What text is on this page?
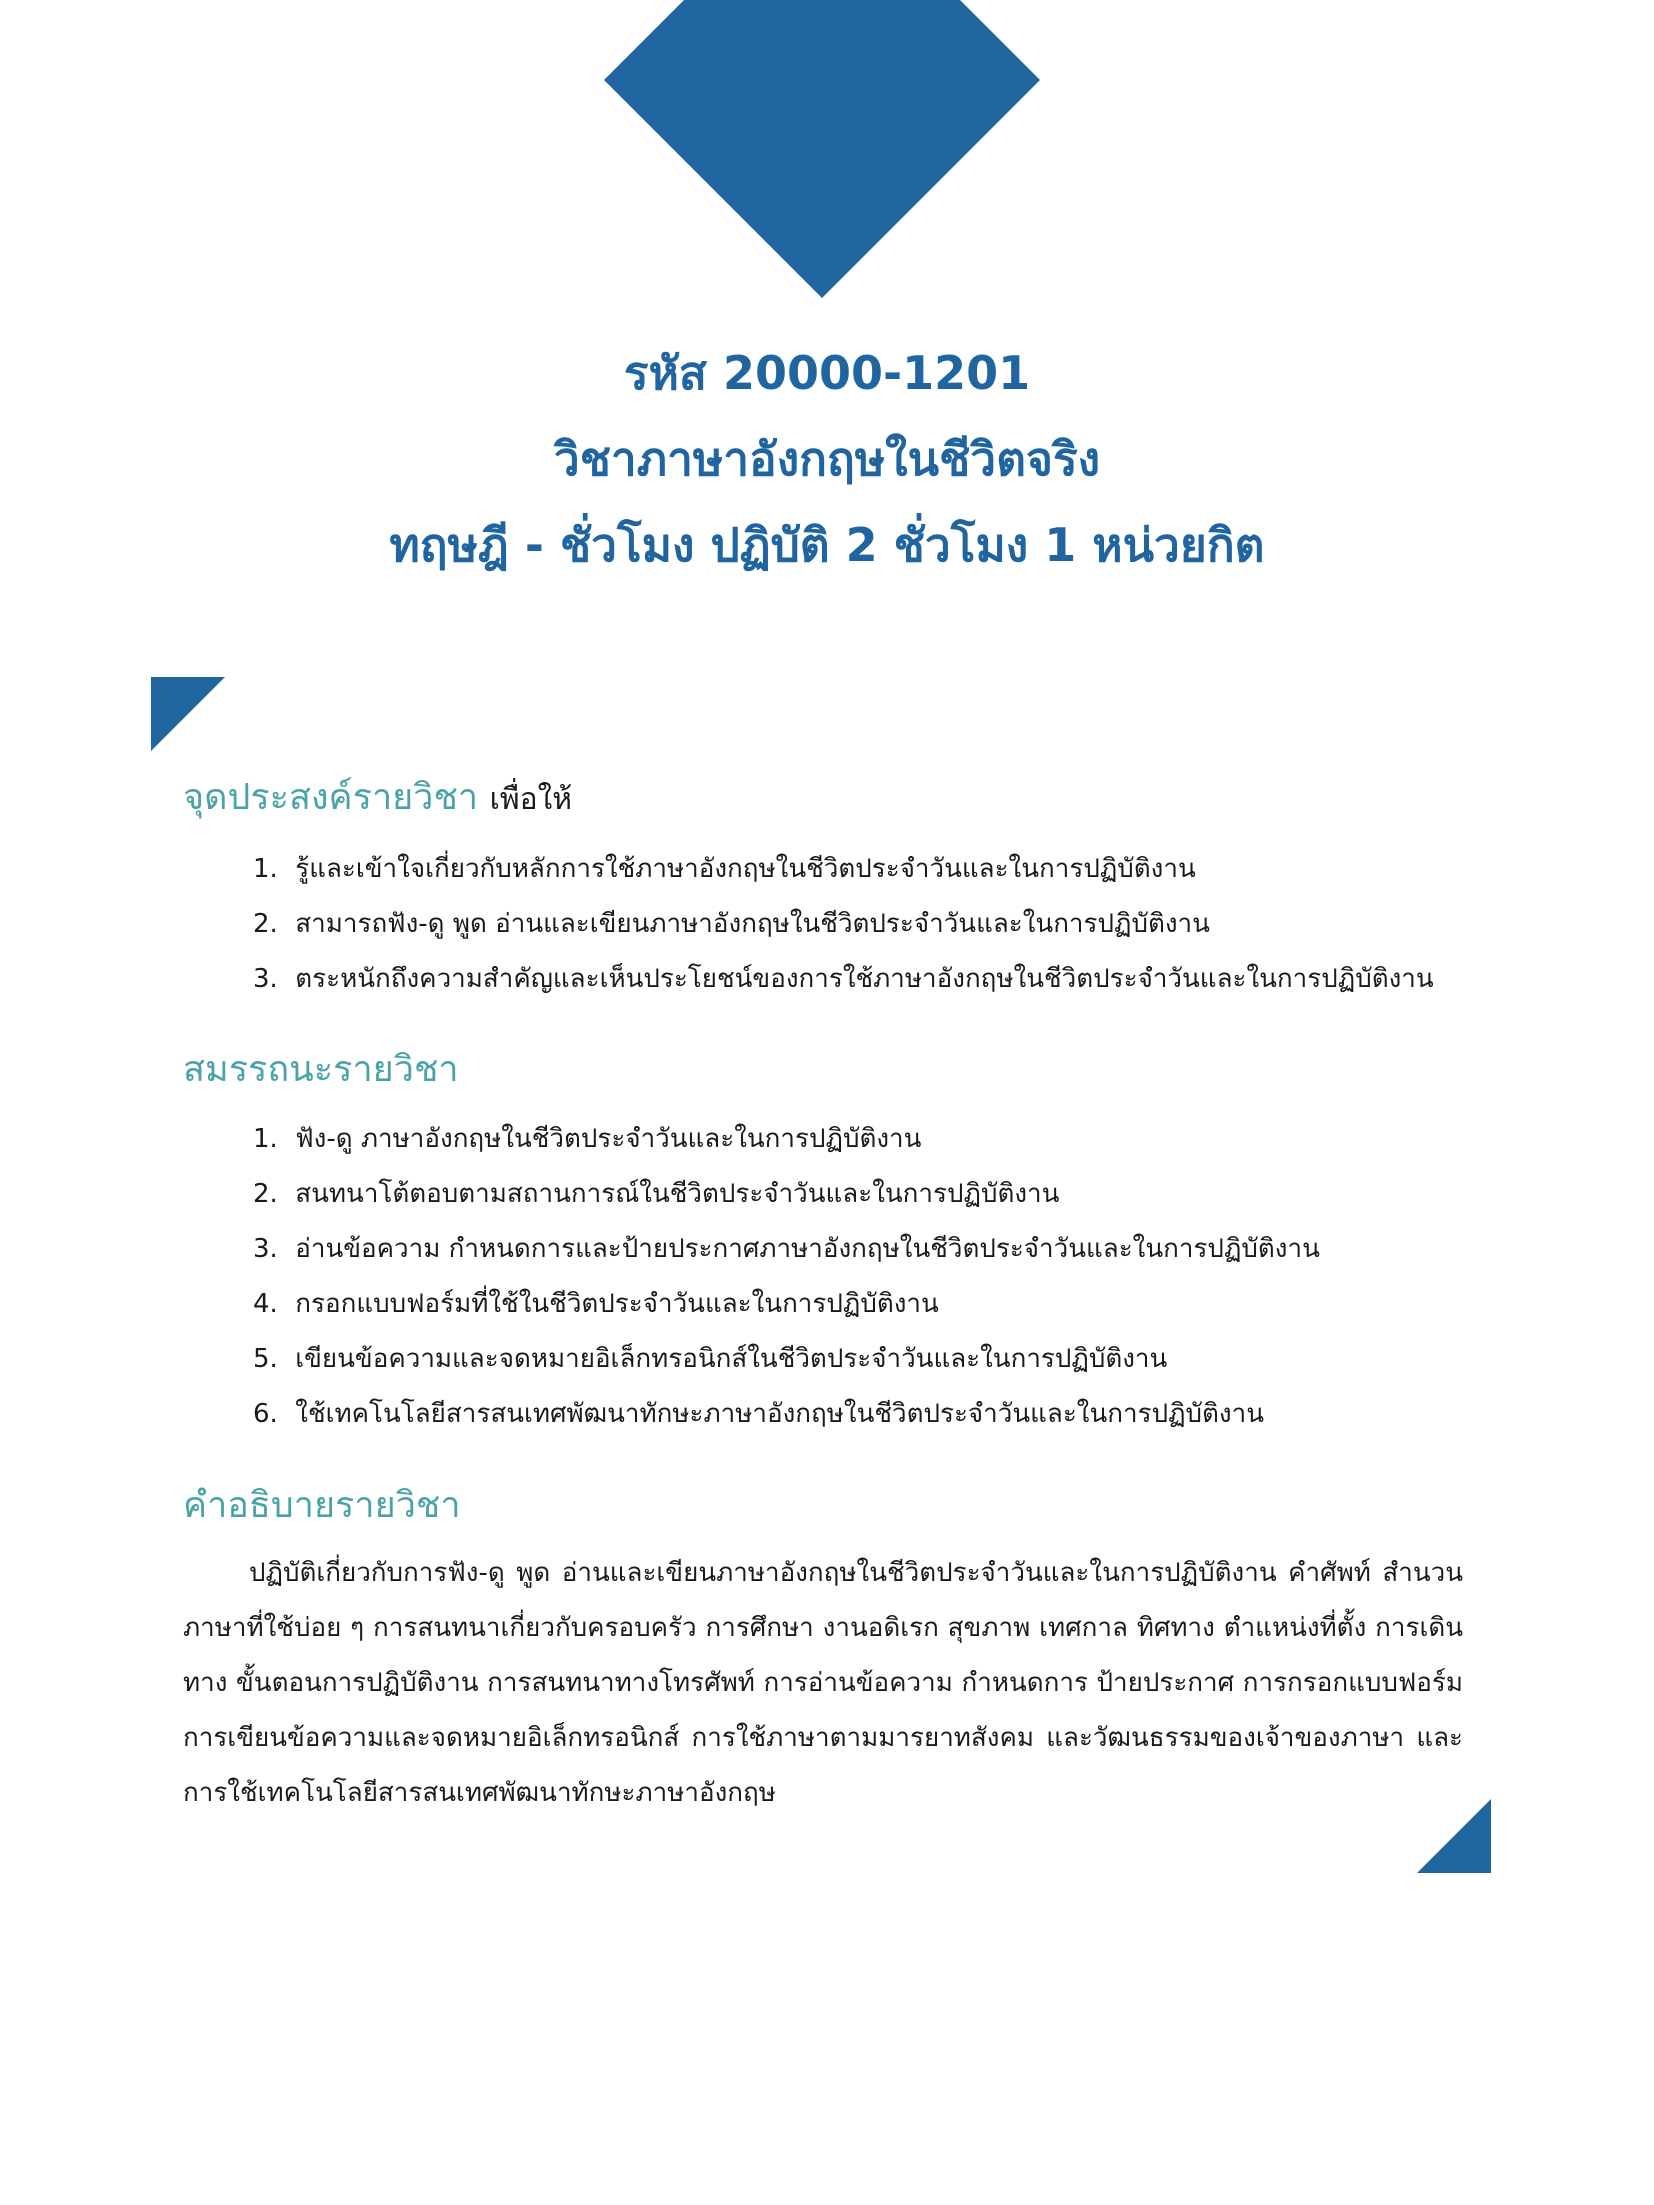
รหัส 20000-1201
วิชาภาษาอังกฤษในชีวิตจริง
ทฤษฎี - ชั่วโมง ปฏิบัติ 2 ชั่วโมง 1 หน่วยกิต
จุดประสงค์รายวิชา เพื่อให้
1. รู้และเข้าใจเกี่ยวกับหลักการใช้ภาษาอังกฤษในชีวิตประจำวันและในการปฏิบัติงาน
2. สามารถฟัง-ดู พูด อ่านและเขียนภาษาอังกฤษในชีวิตประจำวันและในการปฏิบัติงาน
3. ตระหนักถึงความสำคัญและเห็นประโยชน์ของการใช้ภาษาอังกฤษในชีวิตประจำวันและในการปฏิบัติงาน
สมรรถนะรายวิชา
1. ฟัง-ดู ภาษาอังกฤษในชีวิตประจำวันและในการปฏิบัติงาน
2. สนทนาโต้ตอบตามสถานการณ์ในชีวิตประจำวันและในการปฏิบัติงาน
3. อ่านข้อความ กำหนดการและป้ายประกาศภาษาอังกฤษในชีวิตประจำวันและในการปฏิบัติงาน
4. กรอกแบบฟอร์มที่ใช้ในชีวิตประจำวันและในการปฏิบัติงาน
5. เขียนข้อความและจดหมายอิเล็กทรอนิกส์ในชีวิตประจำวันและในการปฏิบัติงาน
6. ใช้เทคโนโลยีสารสนเทศพัฒนาทักษะภาษาอังกฤษในชีวิตประจำวันและในการปฏิบัติงาน
คำอธิบายรายวิชา
ปฏิบัติเกี่ยวกับการฟัง-ดู พูด อ่านและเขียนภาษาอังกฤษในชีวิตประจำวันและในการปฏิบัติงาน คำศัพท์ สำนวนภาษาที่ใช้บ่อย ๆ การสนทนาเกี่ยวกับครอบครัว การศึกษา งานอดิเรก สุขภาพ เทศกาล ทิศทาง ตำแหน่งที่ตั้ง การเดินทาง ขั้นตอนการปฏิบัติงาน การสนทนาทางโทรศัพท์ การอ่านข้อความ กำหนดการ ป้ายประกาศ การกรอกแบบฟอร์ม การเขียนข้อความและจดหมายอิเล็กทรอนิกส์ การใช้ภาษาตามมารยาทสังคม และวัฒนธรรมของเจ้าของภาษา และการใช้เทคโนโลยีสารสนเทศพัฒนาทักษะภาษาอังกฤษ
